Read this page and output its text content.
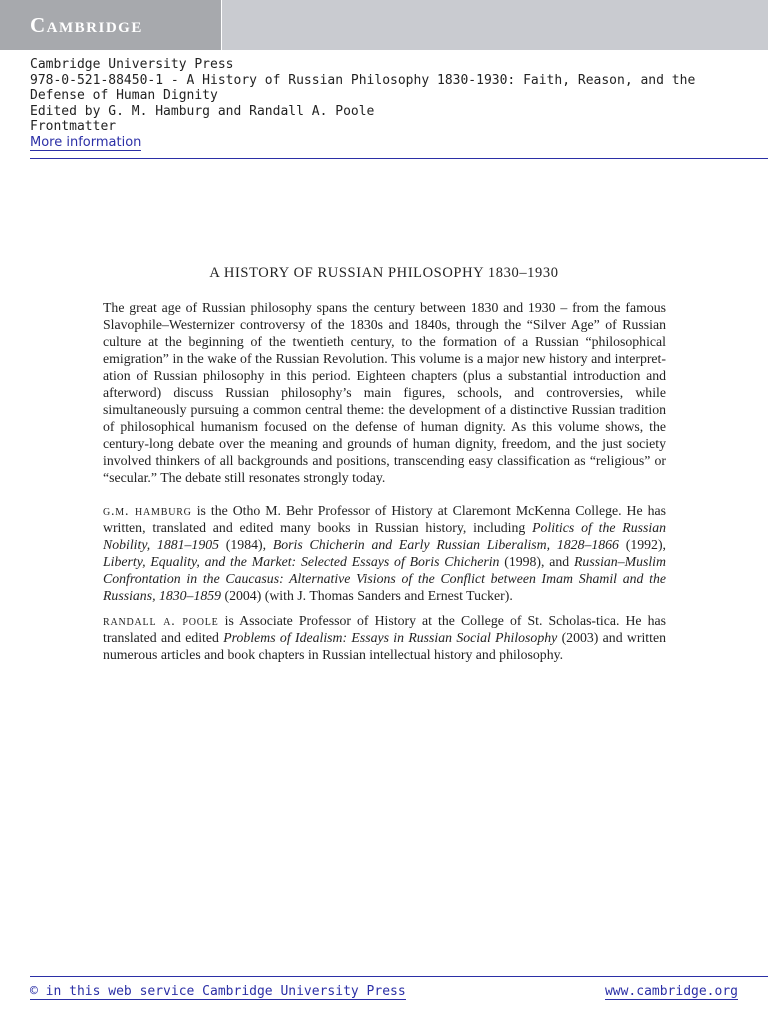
Cambridge
Cambridge University Press
978-0-521-88450-1 - A History of Russian Philosophy 1830-1930: Faith, Reason, and the
Defense of Human Dignity
Edited by G. M. Hamburg and Randall A. Poole
Frontmatter
More information
A HISTORY OF RUSSIAN PHILOSOPHY 1830–1930

The great age of Russian philosophy spans the century between 1830 and 1930 – from the famous Slavophile–Westernizer controversy of the 1830s and 1840s, through the “Silver Age” of Russian culture at the beginning of the twentieth century, to the formation of a Russian “philosophical emigration” in the wake of the Russian Revolution. This volume is a major new history and interpret-ation of Russian philosophy in this period. Eighteen chapters (plus a substantial introduction and afterword) discuss Russian philosophy’s main figures, schools, and controversies, while simultaneously pursuing a common central theme: the development of a distinctive Russian tradition of philosophical humanism focused on the defense of human dignity. As this volume shows, the century-long debate over the meaning and grounds of human dignity, freedom, and the just society involved thinkers of all backgrounds and positions, transcending easy classification as “religious” or “secular.” The debate still resonates strongly today.

g.m. hamburg is the Otho M. Behr Professor of History at Claremont McKenna College. He has written, translated and edited many books in Russian history, including Politics of the Russian Nobility, 1881–1905 (1984), Boris Chicherin and Early Russian Liberalism, 1828–1866 (1992), Liberty, Equality, and the Market: Selected Essays of Boris Chicherin (1998), and Russian–Muslim Confrontation in the Caucasus: Alternative Visions of the Conflict between Imam Shamil and the Russians, 1830–1859 (2004) (with J. Thomas Sanders and Ernest Tucker).

randall a. poole is Associate Professor of History at the College of St. Scholas-tica. He has translated and edited Problems of Idealism: Essays in Russian Social Philosophy (2003) and written numerous articles and book chapters in Russian intellectual history and philosophy.

© in this web service Cambridge University Press	www.cambridge.org
